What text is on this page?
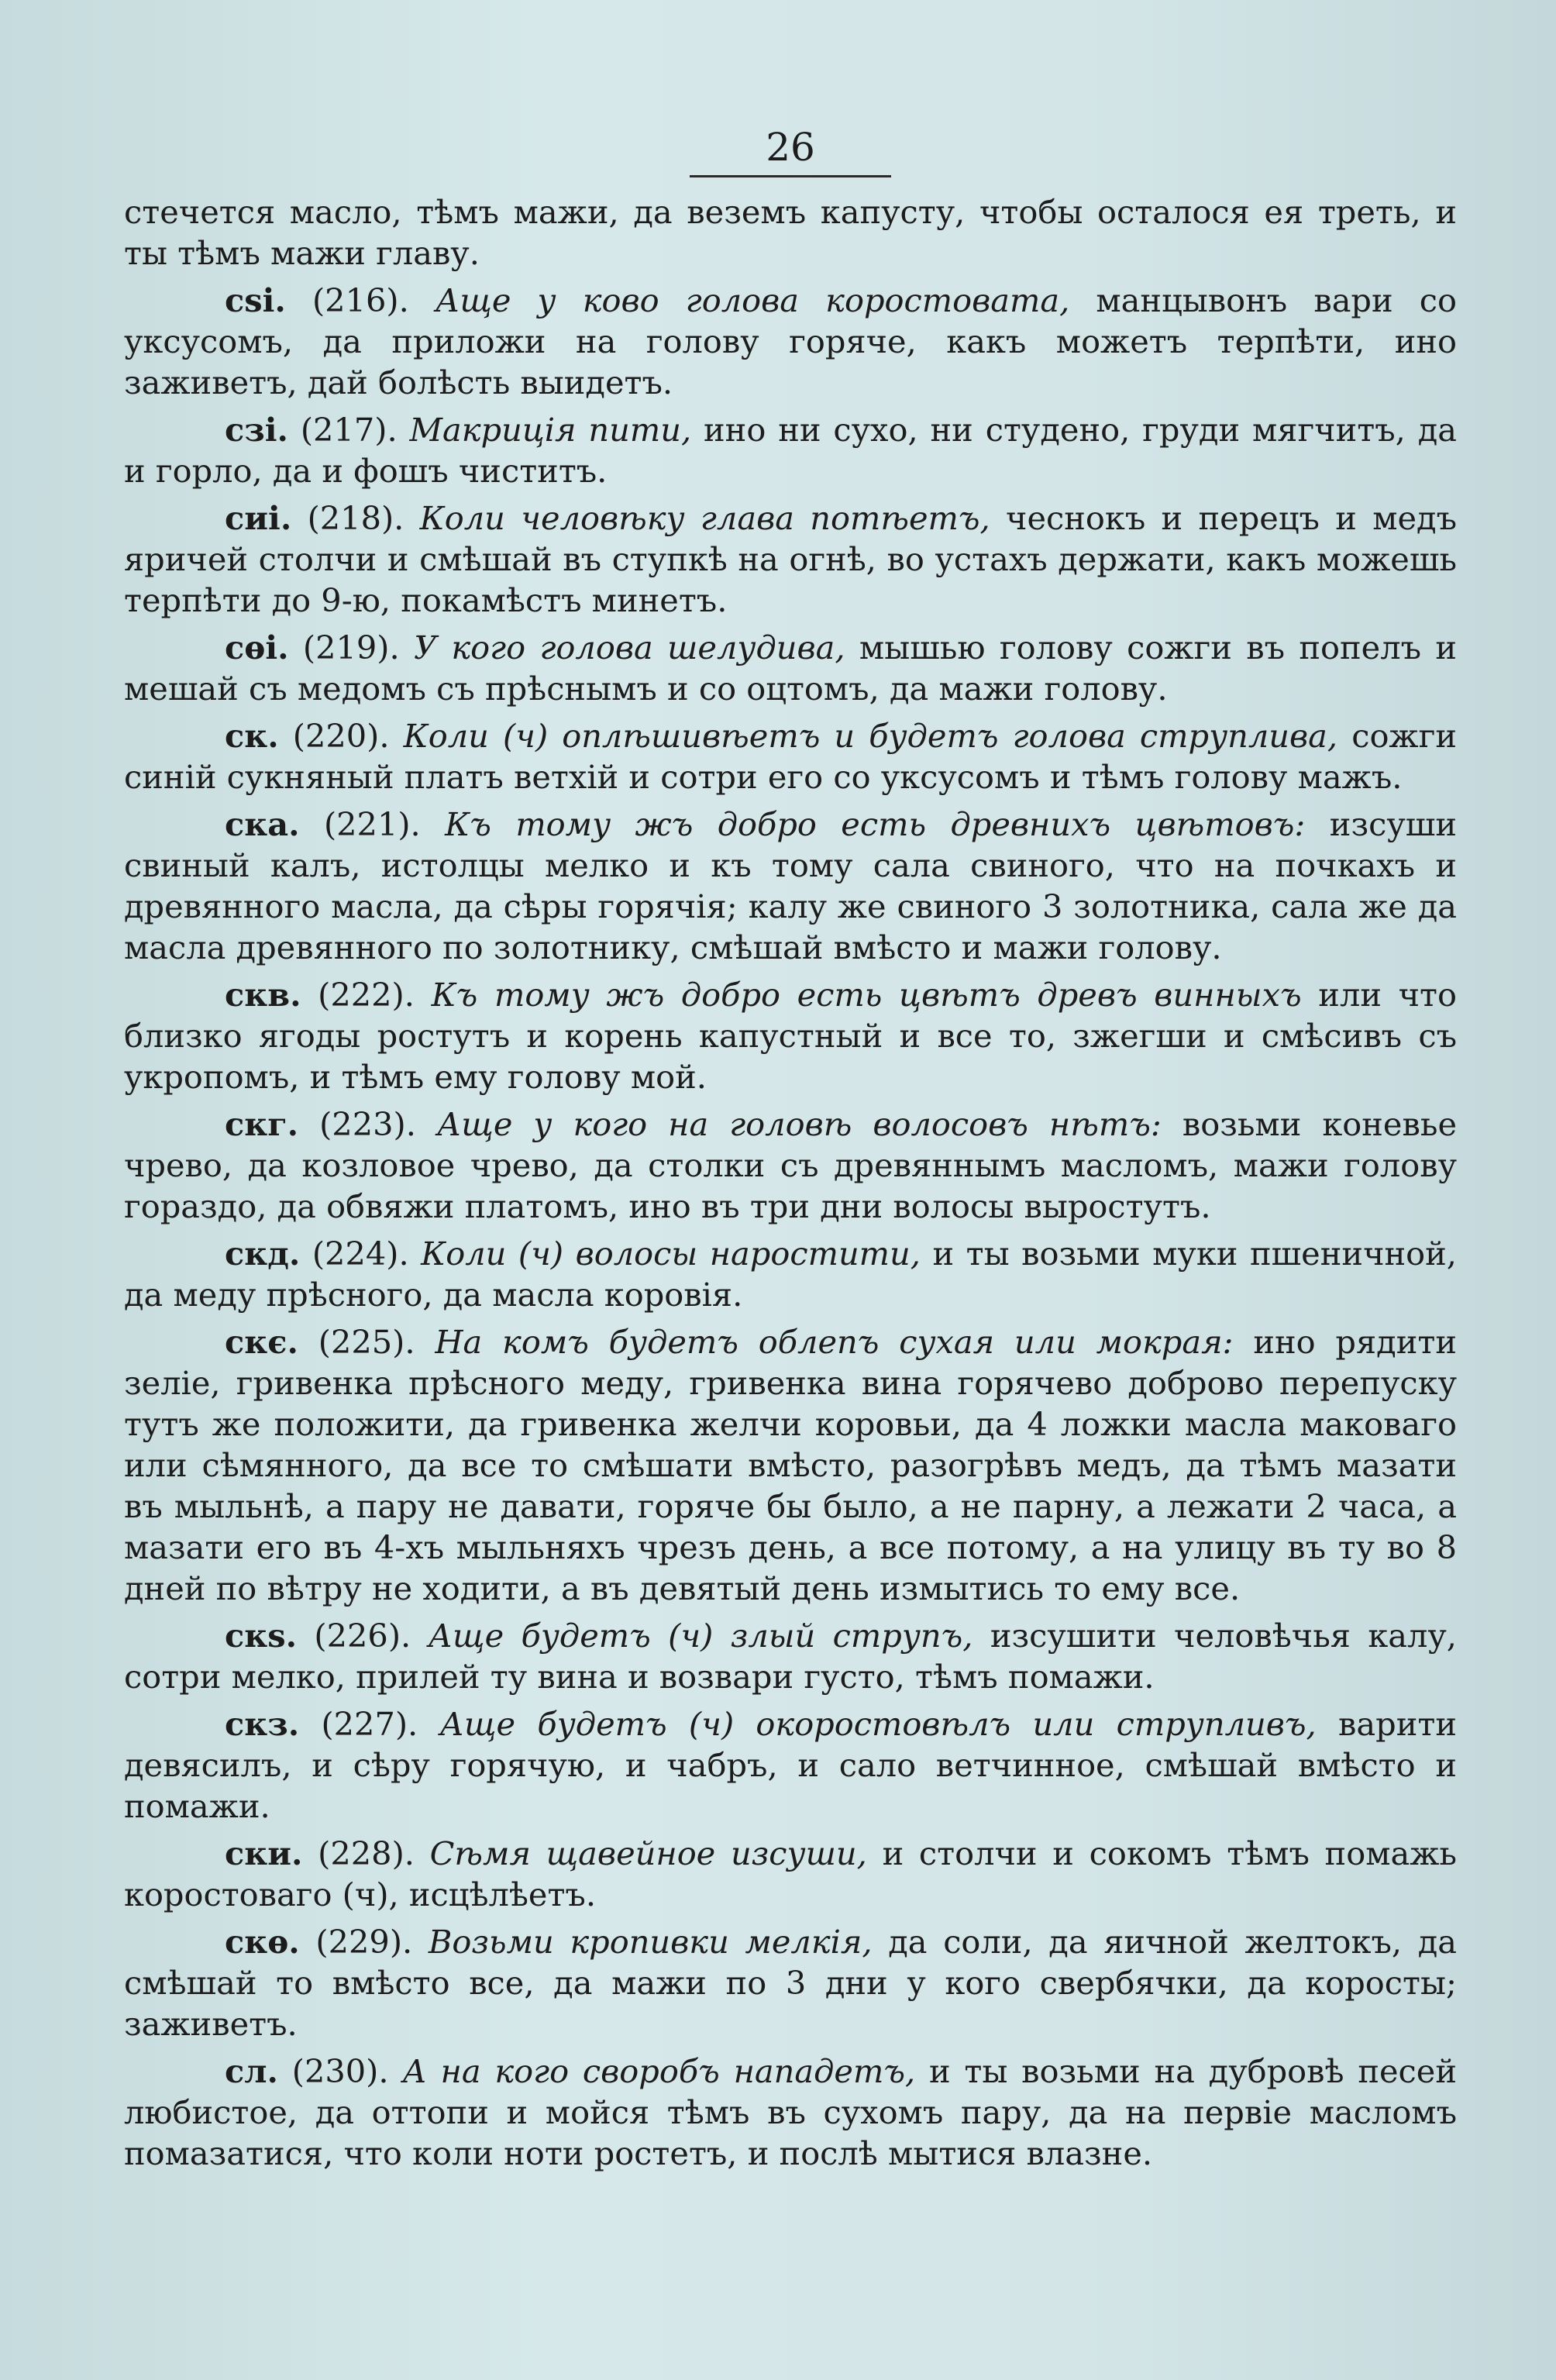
26

стечется масло, тѣмъ мажи, да веземъ капусту, чтобы осталося ея треть, и ты тѣмъ мажи главу.

сѕі. (216). Аще у ково голова коростовата, манцывонъ вари со уксусомъ, да приложи на голову горяче, какъ можетъ терпѣти, ино заживетъ, дай болѣсть выидетъ.

сзі. (217). Макриція пити, ино ни сухо, ни студено, груди мягчитъ, да и горло, да и фошъ чиститъ.

сиі. (218). Коли человѣку глава потѣетъ, чеснокъ и перецъ и медъ яричей столчи и смѣшай въ ступкѣ на огнѣ, во устахъ держати, какъ можешь терпѣти до 9-ю, покамѣстъ минетъ.

сѳі. (219). У кого голова шелудива, мышью голову сожги въ попелъ и мешай съ медомъ съ прѣснымъ и со оцтомъ, да мажи голову.

ск. (220). Коли (ч) оплѣшивѣетъ и будетъ голова струплива, сожги синій сукняный платъ ветхій и сотри его со уксусомъ и тѣмъ голову мажъ.

ска. (221). Къ тому жъ добро есть древнихъ цвѣтовъ: изсуши свиный калъ, истолцы мелко и къ тому сала свиного, что на почкахъ и древянного масла, да сѣры горячія; калу же свиного 3 золотника, сала же да масла древянного по золотнику, смѣшай вмѣсто и мажи голову.

скв. (222). Къ тому жъ добро есть цвѣтъ древъ винныхъ или что близко ягоды ростутъ и корень капустный и все то, зжегши и смѣсивъ съ укропомъ, и тѣмъ ему голову мой.

скг. (223). Аще у кого на головѣ волосовъ нѣтъ: возьми коневье чрево, да козловое чрево, да столки съ древяннымъ масломъ, мажи голову гораздо, да обвяжи платомъ, ино въ три дни волосы выростутъ.

скд. (224). Коли (ч) волосы наростити, и ты возьми муки пшеничной, да меду прѣсного, да масла коровія.

скє. (225). На комъ будетъ облепъ сухая или мокрая: ино рядити зеліе, гривенка прѣсного меду, гривенка вина горячево доброво перепуску тутъ же положити, да гривенка желчи коровьи, да 4 ложки масла маковаго или сѣмянного, да все то смѣшати вмѣсто, разогрѣвъ медъ, да тѣмъ мазати въ мыльнѣ, а пару не давати, горяче бы было, а не парну, а лежати 2 часа, а мазати его въ 4-хъ мыльняхъ чрезъ день, а все потому, а на улицу въ ту во 8 дней по вѣтру не ходити, а въ девятый день измытись то ему все.

скѕ. (226). Аще будетъ (ч) злый струпъ, изсушити человѣчья калу, сотри мелко, прилей ту вина и возвари густо, тѣмъ помажи.

скз. (227). Аще будетъ (ч) окоростовѣлъ или струпливъ, варити девясилъ, и сѣру горячую, и чабръ, и сало ветчинное, смѣшай вмѣсто и помажи.

ски. (228). Сѣмя щавейное изсуши, и столчи и сокомъ тѣмъ помажь коростоваго (ч), исцѣлѣетъ.

скѳ. (229). Возьми кропивки мелкія, да соли, да яичной желтокъ, да смѣшай то вмѣсто все, да мажи по 3 дни у кого свербячки, да коросты; заживетъ.

сл. (230). А на кого своробъ нападетъ, и ты возьми на дубровѣ песей любистое, да оттопи и мойся тѣмъ въ сухомъ пару, да на первіе масломъ помазатися, что коли ноти ростетъ, и послѣ мытися влазне.
